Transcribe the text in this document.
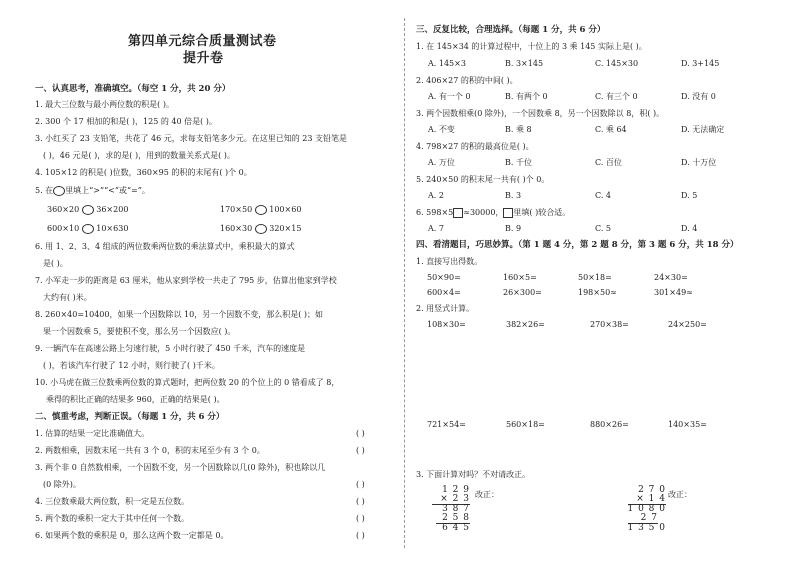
第四单元综合质量测试卷
提升卷
一、认真思考，准确填空。（每空 1 分，共 20 分）
1. 最大三位数与最小两位数的积是( )。
2. 300 个 17 相加的和是( )，125 的 40 倍是( )。
3. 小红买了 23 支铅笔，共花了 46 元，求每支铅笔多少元。在这里已知的 23 支铅笔是
( )，46 元是( )，求的是( )，用到的数量关系式是( )。
4. 105×12 的积是( )位数，360×95 的积的末尾有( )个 0。
5. 在 里填上“>”“<”或“=”。
360×20 36×200	170×50 100×60
600×10 10×630	160×30 320×15
6. 用 1、2、3、4 组成的两位数乘两位数的乘法算式中，乘积最大的算式
是( )。
7. 小军走一步的距离是 63 厘米，他从家到学校一共走了 795 步，估算出他家到学校
大约有( )米。
8. 260×40=10400，如果一个因数除以 10，另一个因数不变，那么积是( )；如
果一个因数乘 5，要使积不变，那么另一个因数应( )。
9. 一辆汽车在高速公路上匀速行驶，5 小时行驶了 450 千米，汽车的速度是
( )，若该汽车行驶了 12 小时，则行驶了( )千米。
10. 小马虎在做三位数乘两位数的算式题时，把两位数 20 的个位上的 0 错看成了 8，
乘得的积比正确的结果多 960，正确的结果是( )。
二、慎重考虑，判断正误。（每题 1 分，共 6 分）
1. 估算的结果一定比准确值大。	( )
2. 两数相乘，因数末尾一共有 3 个 0，积的末尾至少有 3 个 0。	( )
3. 两个非 0 自然数相乘，一个因数不变，另一个因数除以几(0 除外)，积也除以几
(0 除外)。	( )
4. 三位数乘最大两位数，积一定是五位数。	( )
5. 两个数的乘积一定大于其中任何一个数。	( )
6. 如果两个数的乘积是 0，那么这两个数一定都是 0。	( )
三、反复比较，合理选择。（每题 1 分，共 6 分）
1. 在 145×34 的计算过程中，十位上的 3 乘 145 实际上是( )。
A. 145×3	B. 3×145	C. 145×30	D. 3+145
2. 406×27 的积的中间( )。
A. 有一个 0	B. 有两个 0	C. 有三个 0	D. 没有 0
3. 两个因数相乘(0 除外)，一个因数乘 8，另一个因数除以 8，积( )。
A. 不变	B. 乘 8	C. 乘 64	D. 无法确定
4. 798×27 的积的最高位是( )。
A. 万位	B. 千位	C. 百位	D. 十万位
5. 240×50 的积末尾一共有( )个 0。
A. 2	B. 3	C. 4	D. 5
6. 598×5 ≈30000， 里填( )较合适。
A. 7	B. 9	C. 5	D. 4
四、看清题目，巧思妙算。（第 1 题 4 分，第 2 题 8 分，第 3 题 6 分，共 18 分）
1. 直接写出得数。
50×90=	160×5=	50×18=	24×30=
600×4=	26×300=	198×50≈	301×49≈
2. 用竖式计算。
108×30=	382×26=	270×38=	24×250=
721×54=	560×18=	880×26=	140×35=
3. 下面计算对吗？不对请改正。
1 2 9
× 2 3
3 8 7
2 5 8
6 4 5
改正：	2 7 0
× 1 4
1 0 8 0
2 7
1 3 5 0
改正：
